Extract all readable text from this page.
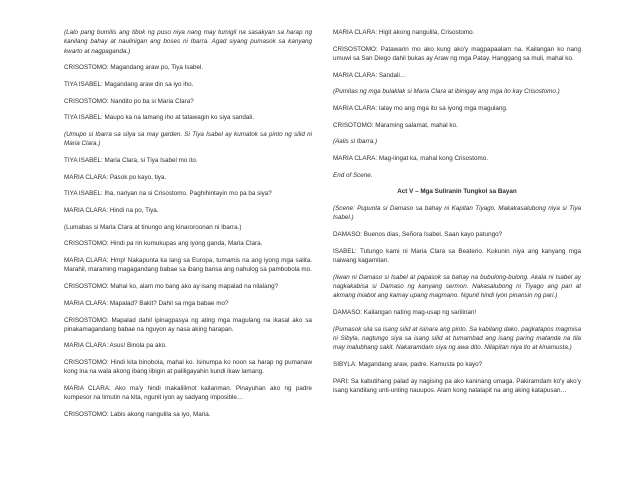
(Lalo pang bumilis ang tibok ng puso niya nang may tumigil na sasakyan sa harap ng kanilang bahay at naulinigan ang boses ni Ibarra. Agad siyang pumasok sa kanyang kwarto at nagpaganda.)

CRISOSTOMO: Magandang araw po, Tiya Isabel.

TIYA ISABEL: Magandang araw din sa iyo iho.

CRISOSTOMO: Nandito po ba si Maria Clara?

TIYA ISABEL: Maupo ka na lamang iho at tatawagin ko siya sandali.

(Umupo si Ibarra sa silya sa may garden. Si Tiya Isabel ay kumatok sa pinto ng silid ni Maria Clara.)

TIYA ISABEL: Maria Clara, si Tiya Isabel mo ito.

MARIA CLARA: Pasok po kayo, tiya.

TIYA ISABEL: Iha, nariyan na si Crisostomo. Paghihintayin mo pa ba siya?

MARIA CLARA: Hindi na po, Tiya.

(Lumabas si Maria Clara at tinungo ang kinaroroonan ni Ibarra.)

CRISOSTOMO: Hindi pa rin kumukupas ang iyong ganda, Maria Clara.

MARIA CLARA: Hmp! Nakapunta ka lang sa Europa, tumamis na ang iyong mga salita. Marahil, maraming magagandang babae sa ibang bansa ang nahulog sa pambobola mo.

CRISOSTOMO: Mahal ko, alam mo bang ako ay isang mapalad na nilalang?

MARIA CLARA: Mapalad? Bakit? Dahil sa mga babae mo?

CRISOSTOMO: Mapalad dahil ipinagpasya ng ating mga magulang na ikasal ako sa pinakamagandang babae na nguyon ay nasa aking harapan.

MARIA CLARA: Asus! Binola pa ako.

CRISOSTOMO: Hindi kita binobola, mahal ko. Isinumpa ko noon sa harap ng pumanaw kong ina na wala akong ibang iibigin at paliligayahin kundi ikaw lamang.

MARIA CLARA: Ako ma'y hindi makalilimot kailanman. Pinayuhan ako ng padre kumpesor na limutin na kita, ngunit iyon ay sadyang imposible…

CRISOSTOMO: Labis akong nangulila sa iyo, Maria.

MARIA CLARA: Higit akong nangulila, Crisostomo.

CRISOSTOMO: Patawarin mo ako kung ako'y magpapaalam na. Kailangan ko nang umuwi sa San Diego dahil bukas ay Araw ng mga Patay. Hanggang sa muli, mahal ko.

MARIA CLARA: Sandali…

(Pumitas ng mga bulaklak si Maria Clara at ibinigay ang mga ito kay Crisostomo.)

MARIA CLARA: Ialay mo ang mga ito sa iyong mga magulang.

CRISOTOMO: Maraming salamat, mahal ko.

(Aalis si Ibarra.)

MARIA CLARA: Mag-iingat ka, mahal kong Crisostomo.

End of Scene.

Act V – Mga Suliranin Tungkol sa Bayan

(Scene: Pupunta si Damaso sa bahay ni Kapitan Tiyago. Makakasalubong niya si Tiya Isabel.)

DAMASO: Buenos dias, Señora Isabel. Saan kayo patungo?

ISABEL: Tutungo kami ni Maria Clara sa Beaterio. Kukunin niya ang kanyang mga naiwang kagamitan.

(Iiwan ni Damaso si Isabel at papasok sa bahay na bubulong-bulong. Akala ni Isabel ay nagkakabisa si Damaso ng kanyang sermon. Nakasalubong ni Tiyago ang pari at akmang iniabot ang kamay upang magmano. Ngunit hindi iyon pinansin ng pari.)

DAMASO: Kailangan nating mag-usap ng sarilinan!

(Pumasok sila sa isang silid at isinara ang pinto. Sa kabilang dako, pagkatapos magmisa ni Sibyla, nagtungo siya sa isang silid at tumambad ang isang paring matanda na tila may malubhang sakit. Nakaramdam siya ng awa dito. Nilapitan niya ito at kinamusta.)

SIBYLA: Magandang araw, padre. Kamusta po kayo?

PARI: Sa kabutihang palad ay nagising pa ako kaninang umaga. Pakiramdam ko'y ako'y isang kandilang unti-unting nauupos. Alam kong nalalapit na ang aking katapusan…
